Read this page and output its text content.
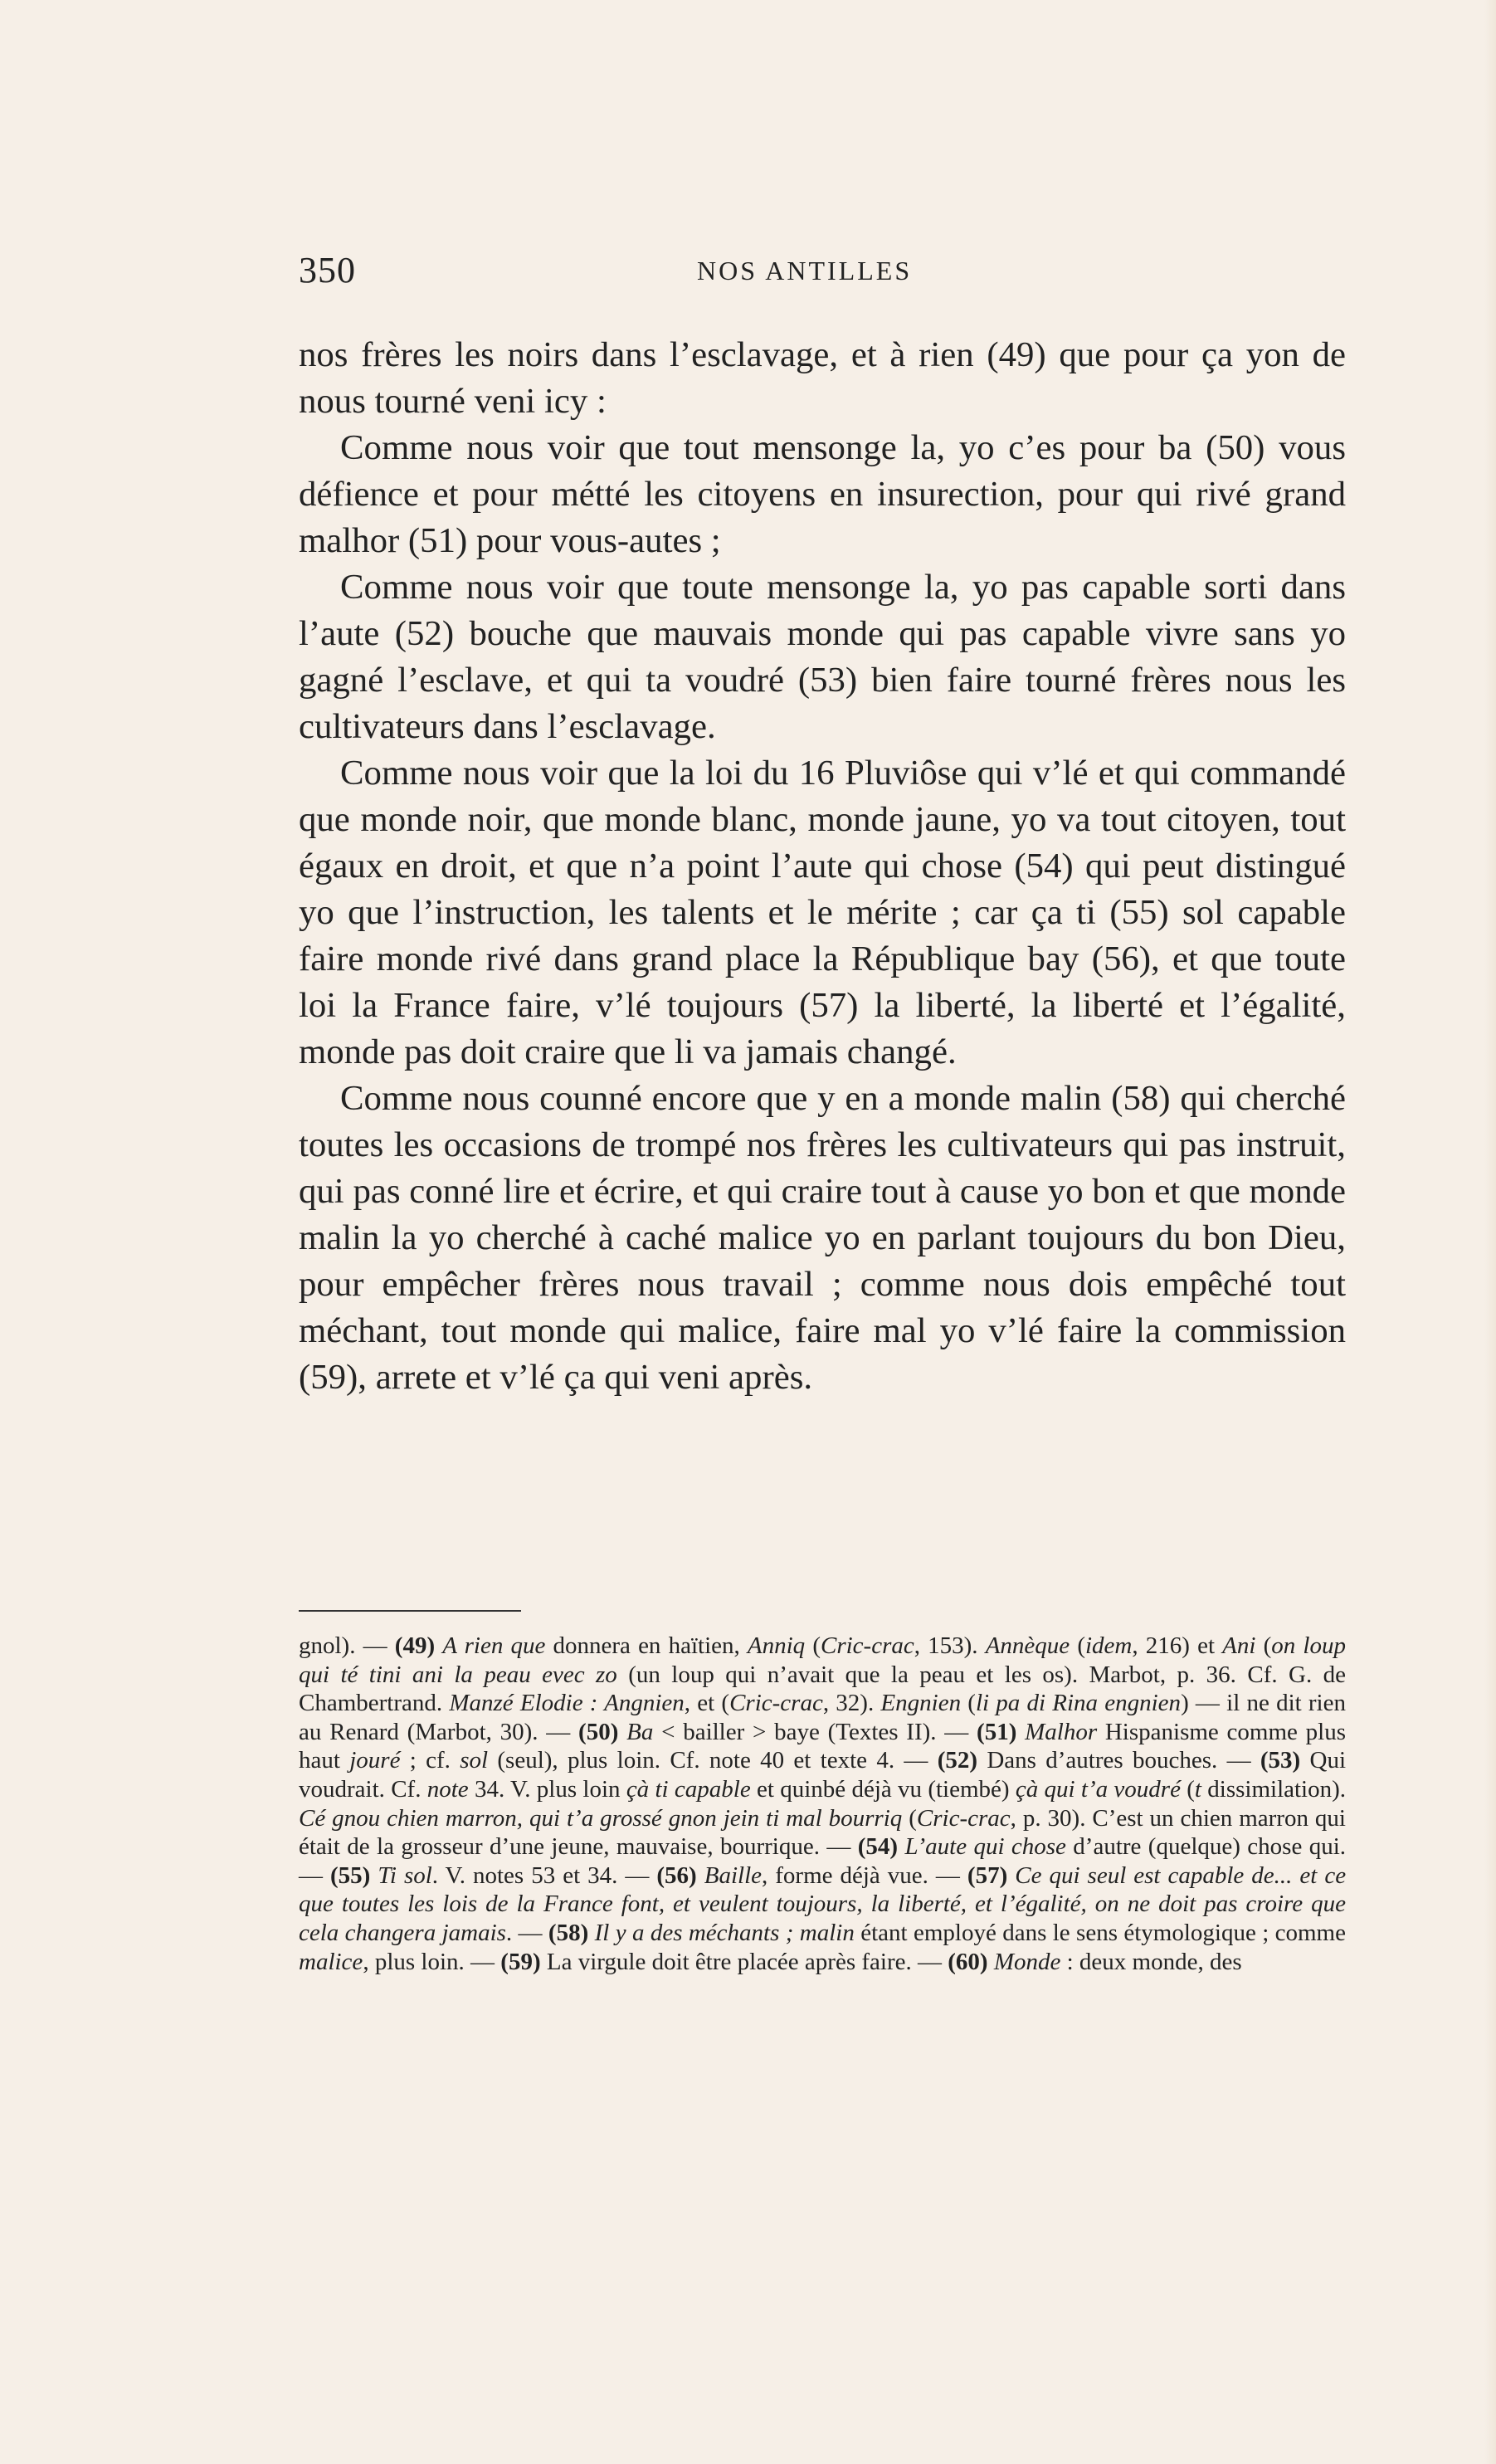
350	NOS ANTILLES

nos frères les noirs dans l’esclavage, et à rien (49) que pour ça yon de nous tourné veni icy :

Comme nous voir que tout mensonge la, yo c’es pour ba (50) vous défience et pour métté les citoyens en insurection, pour qui rivé grand malhor (51) pour vous-autes ;

Comme nous voir que toute mensonge la, yo pas capable sorti dans l’aute (52) bouche que mauvais monde qui pas capable vivre sans yo gagné l’esclave, et qui ta voudré (53) bien faire tourné frères nous les cultivateurs dans l’esclavage.

Comme nous voir que la loi du 16 Pluviôse qui v’lé et qui commandé que monde noir, que monde blanc, monde jaune, yo va tout citoyen, tout égaux en droit, et que n’a point l’aute qui chose (54) qui peut distingué yo que l’instruction, les talents et le mérite ; car ça ti (55) sol capable faire monde rivé dans grand place la République bay (56), et que toute loi la France faire, v’lé toujours (57) la liberté, la liberté et l’égalité, monde pas doit craire que li va jamais changé.

Comme nous counné encore que y en a monde malin (58) qui cherché toutes les occasions de trompé nos frères les cultivateurs qui pas instruit, qui pas conné lire et écrire, et qui craire tout à cause yo bon et que monde malin la yo cherché à caché malice yo en parlant toujours du bon Dieu, pour empêcher frères nous travail ; comme nous dois empêché tout méchant, tout monde qui malice, faire mal yo v’lé faire la commission (59), arrete et v’lé ça qui veni après.

gnol). — (49) A rien que donnera en haïtien, Anniq (Cric-crac, 153). Annèque (idem, 216) et Ani (on loup qui té tini ani la peau evec zo (un loup qui n’avait que la peau et les os). Marbot, p. 36. Cf. G. de Chambertrand. Manzé Elodie : Angnien, et (Cric-crac, 32). Engnien (li pa di Rina engnien) — il ne dit rien au Renard (Marbot, 30). — (50) Ba < bailler > baye (Textes II). — (51) Malhor Hispanisme comme plus haut jouré ; cf. sol (seul), plus loin. Cf. note 40 et texte 4. — (52) Dans d’autres bouches. — (53) Qui voudrait. Cf. note 34. V. plus loin çà ti capable et quinbé déjà vu (tiembé) çà qui t’a voudré (t dissimilation). Cé gnou chien marron, qui t’a grossé gnon jein ti mal bourriq (Cric-crac, p. 30). C’est un chien marron qui était de la grosseur d’une jeune, mauvaise, bourrique. — (54) L’aute qui chose d’autre (quelque) chose qui. — (55) Ti sol. V. notes 53 et 34. — (56) Baille, forme déjà vue. — (57) Ce qui seul est capable de... et ce que toutes les lois de la France font, et veulent toujours, la liberté, et l’égalité, on ne doit pas croire que cela changera jamais. — (58) Il y a des méchants ; malin étant employé dans le sens étymologique ; comme malice, plus loin. — (59) La virgule doit être placée après faire. — (60) Monde : deux monde, des
